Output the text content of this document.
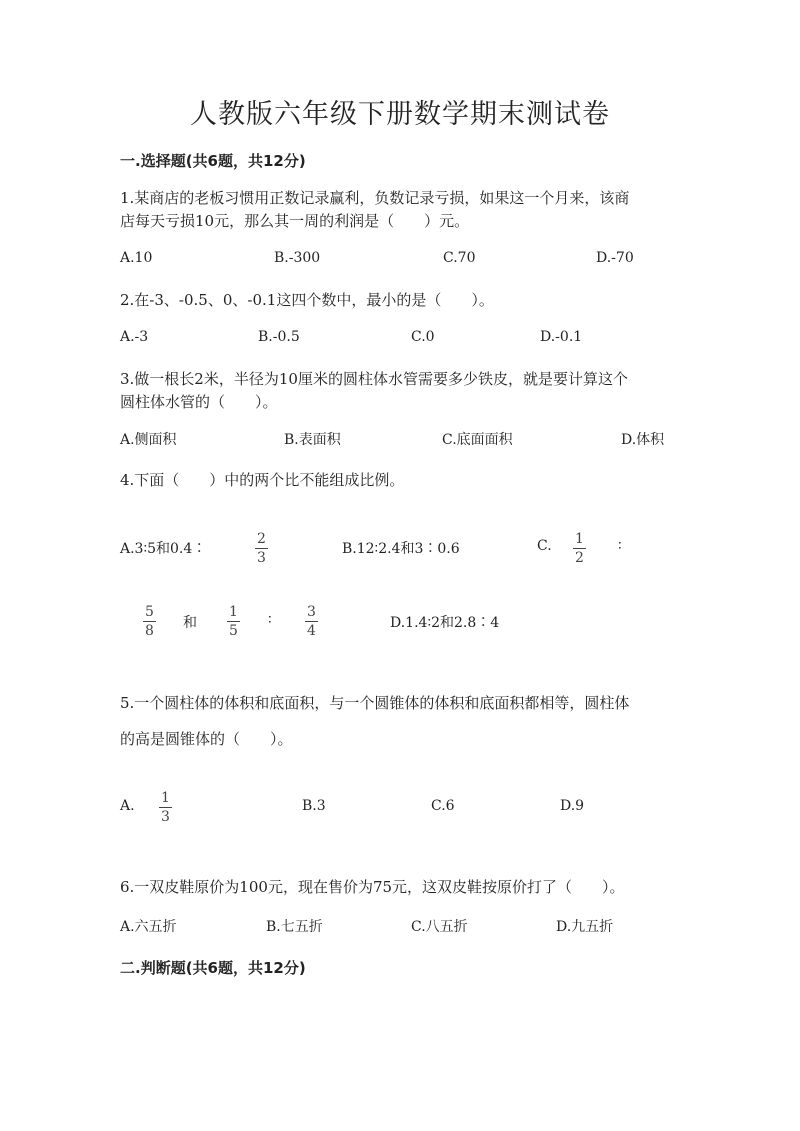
人教版六年级下册数学期末测试卷
一.选择题(共6题，共12分)
1.某商店的老板习惯用正数记录赢利，负数记录亏损，如果这一个月来，该商
店每天亏损10元，那么其一周的利润是（　　）元。
A.10	B.-300	C.70	D.-70
2.在-3、-0.5、0、-0.1这四个数中，最小的是（　　）。
A.-3	B.-0.5	C.0	D.-0.1
3.做一根长2米，半径为10厘米的圆柱体水管需要多少铁皮，就是要计算这个
圆柱体水管的（　　）。
A.侧面积	B.表面积	C.底面面积	D.体积
4.下面（　　）中的两个比不能组成比例。
A.3∶5和0.4∶
2
3
B.12∶2.4和3∶0.6	C. 1
2
∶
5
8 和
1
5
∶	3
4	D.1.4∶2和2.8∶4
5.一个圆柱体的体积和底面积，与一个圆锥体的体积和底面积都相等，圆柱体
的高是圆锥体的（　　）。
A. 1
3
B.3	C.6	D.9
6.一双皮鞋原价为100元，现在售价为75元，这双皮鞋按原价打了（　　）。
A.六五折	B.七五折	C.八五折	D.九五折
二.判断题(共6题，共12分)
